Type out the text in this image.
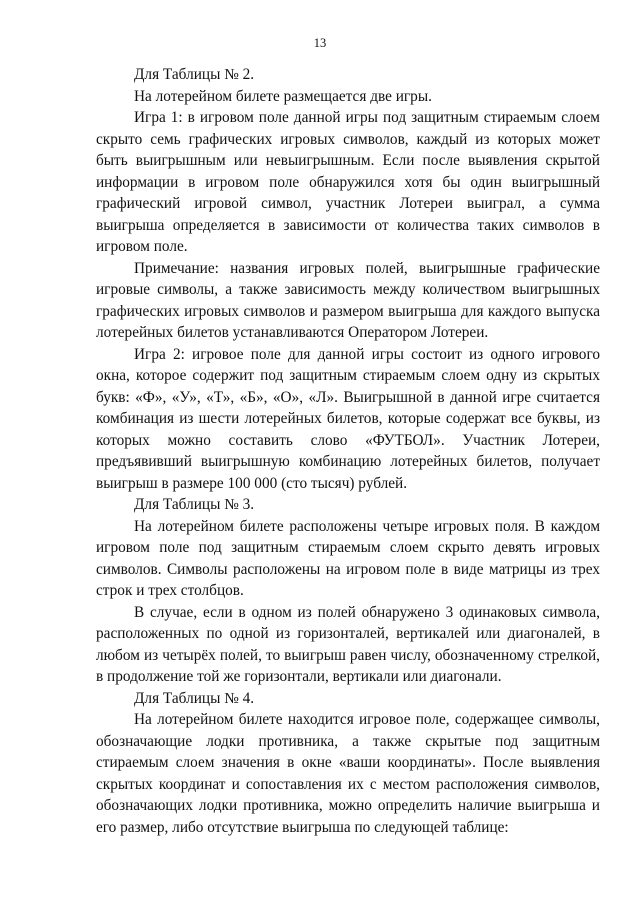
13

Для Таблицы № 2.

На лотерейном билете размещается две игры.

Игра 1: в игровом поле данной игры под защитным стираемым слоем скрыто семь графических игровых символов, каждый из которых может быть выигрышным или невыигрышным. Если после выявления скрытой информации в игровом поле обнаружился хотя бы один выигрышный графический игровой символ, участник Лотереи выиграл, а сумма выигрыша определяется в зависимости от количества таких символов в игровом поле.

Примечание: названия игровых полей, выигрышные графические игровые символы, а также зависимость между количеством выигрышных графических игровых символов и размером выигрыша для каждого выпуска лотерейных билетов устанавливаются Оператором Лотереи.

Игра 2: игровое поле для данной игры состоит из одного игрового окна, которое содержит под защитным стираемым слоем одну из скрытых букв: «Ф», «У», «Т», «Б», «О», «Л». Выигрышной в данной игре считается комбинация из шести лотерейных билетов, которые содержат все буквы, из которых можно составить слово «ФУТБОЛ». Участник Лотереи, предъявивший выигрышную комбинацию лотерейных билетов, получает выигрыш в размере 100 000 (сто тысяч) рублей.

Для Таблицы № 3.

На лотерейном билете расположены четыре игровых поля. В каждом игровом поле под защитным стираемым слоем скрыто девять игровых символов. Символы расположены на игровом поле в виде матрицы из трех строк и трех столбцов.

В случае, если в одном из полей обнаружено 3 одинаковых символа, расположенных по одной из горизонталей, вертикалей или диагоналей, в любом из четырёх полей, то выигрыш равен числу, обозначенному стрелкой, в продолжение той же горизонтали, вертикали или диагонали.

Для Таблицы № 4.

На лотерейном билете находится игровое поле, содержащее символы, обозначающие лодки противника, а также скрытые под защитным стираемым слоем значения в окне «ваши координаты». После выявления скрытых координат и сопоставления их с местом расположения символов, обозначающих лодки противника, можно определить наличие выигрыша и его размер, либо отсутствие выигрыша по следующей таблице:
